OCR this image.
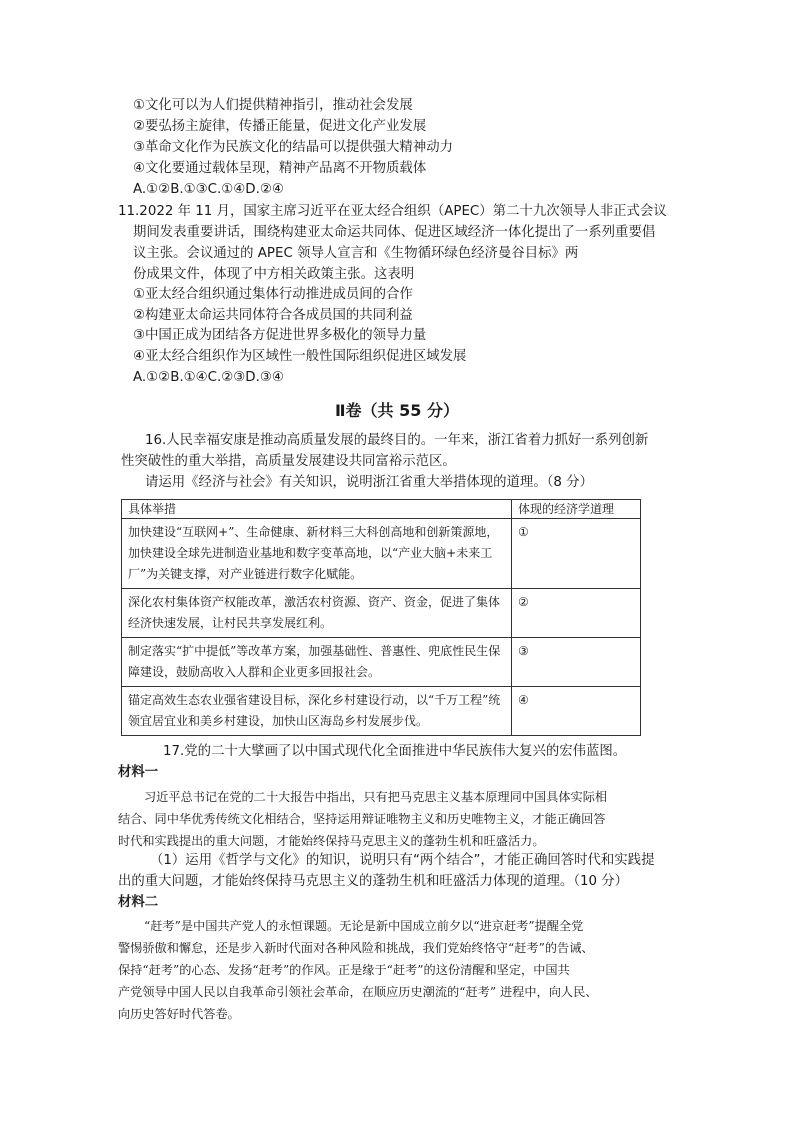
①文化可以为人们提供精神指引，推动社会发展
②要弘扬主旋律，传播正能量，促进文化产业发展
③革命文化作为民族文化的结晶可以提供强大精神动力
④文化要通过载体呈现，精神产品离不开物质载体
A.①②B.①③C.①④D.②④
11.2022 年 11 月，国家主席习近平在亚太经合组织（APEC）第二十九次领导人非正式会议
期间发表重要讲话，围绕构建亚太命运共同体、促进区域经济一体化提出了一系列重要倡
议主张。会议通过的 APEC 领导人宣言和《生物循环绿色经济曼谷目标》两
份成果文件，体现了中方相关政策主张。这表明
①亚太经合组织通过集体行动推进成员间的合作
②构建亚太命运共同体符合各成员国的共同利益
③中国正成为团结各方促进世界多极化的领导力量
④亚太经合组织作为区域性一般性国际组织促进区域发展
A.①②B.①④C.②③D.③④
Ⅱ卷（共 55 分）
16.人民幸福安康是推动高质量发展的最终目的。一年来，浙江省着力抓好一系列创新
性突破性的重大举措，高质量发展建设共同富裕示范区。
请运用《经济与社会》有关知识，说明浙江省重大举措体现的道理。（8 分）
具体举措	体现的经济学道理
加快建设“互联网+”、生命健康、新材料三大科创高地和创新策源地，加快建设全球先进制造业基地和数字变革高地，以“产业大脑+未来工厂”为关键支撑，对产业链进行数字化赋能。	①
深化农村集体资产权能改革，激活农村资源、资产、资金，促进了集体经济快速发展，让村民共享发展红利。	②
制定落实“扩中提低”等改革方案，加强基础性、普惠性、兜底性民生保障建设，鼓励高收入人群和企业更多回报社会。	③
锚定高效生态农业强省建设目标，深化乡村建设行动，以“千万工程”统领宜居宜业和美乡村建设，加快山区海岛乡村发展步伐。	④
17.党的二十大擘画了以中国式现代化全面推进中华民族伟大复兴的宏伟蓝图。
材料一
习近平总书记在党的二十大报告中指出，只有把马克思主义基本原理同中国具体实际相
结合、同中华优秀传统文化相结合，坚持运用辩证唯物主义和历史唯物主义，才能正确回答
时代和实践提出的重大问题，才能始终保持马克思主义的蓬勃生机和旺盛活力。
（1）运用《哲学与文化》的知识，说明只有“两个结合”，才能正确回答时代和实践提
出的重大问题，才能始终保持马克思主义的蓬勃生机和旺盛活力体现的道理。（10 分）
材料二
“赶考”是中国共产党人的永恒课题。无论是新中国成立前夕以“进京赶考”提醒全党
警惕骄傲和懈怠，还是步入新时代面对各种风险和挑战，我们党始终恪守“赶考”的告诫、
保持“赶考”的心态、发扬“赶考”的作风。正是缘于“赶考”的这份清醒和坚定，中国共
产党领导中国人民以自我革命引领社会革命，在顺应历史潮流的“赶考” 进程中，向人民、
向历史答好时代答卷。
